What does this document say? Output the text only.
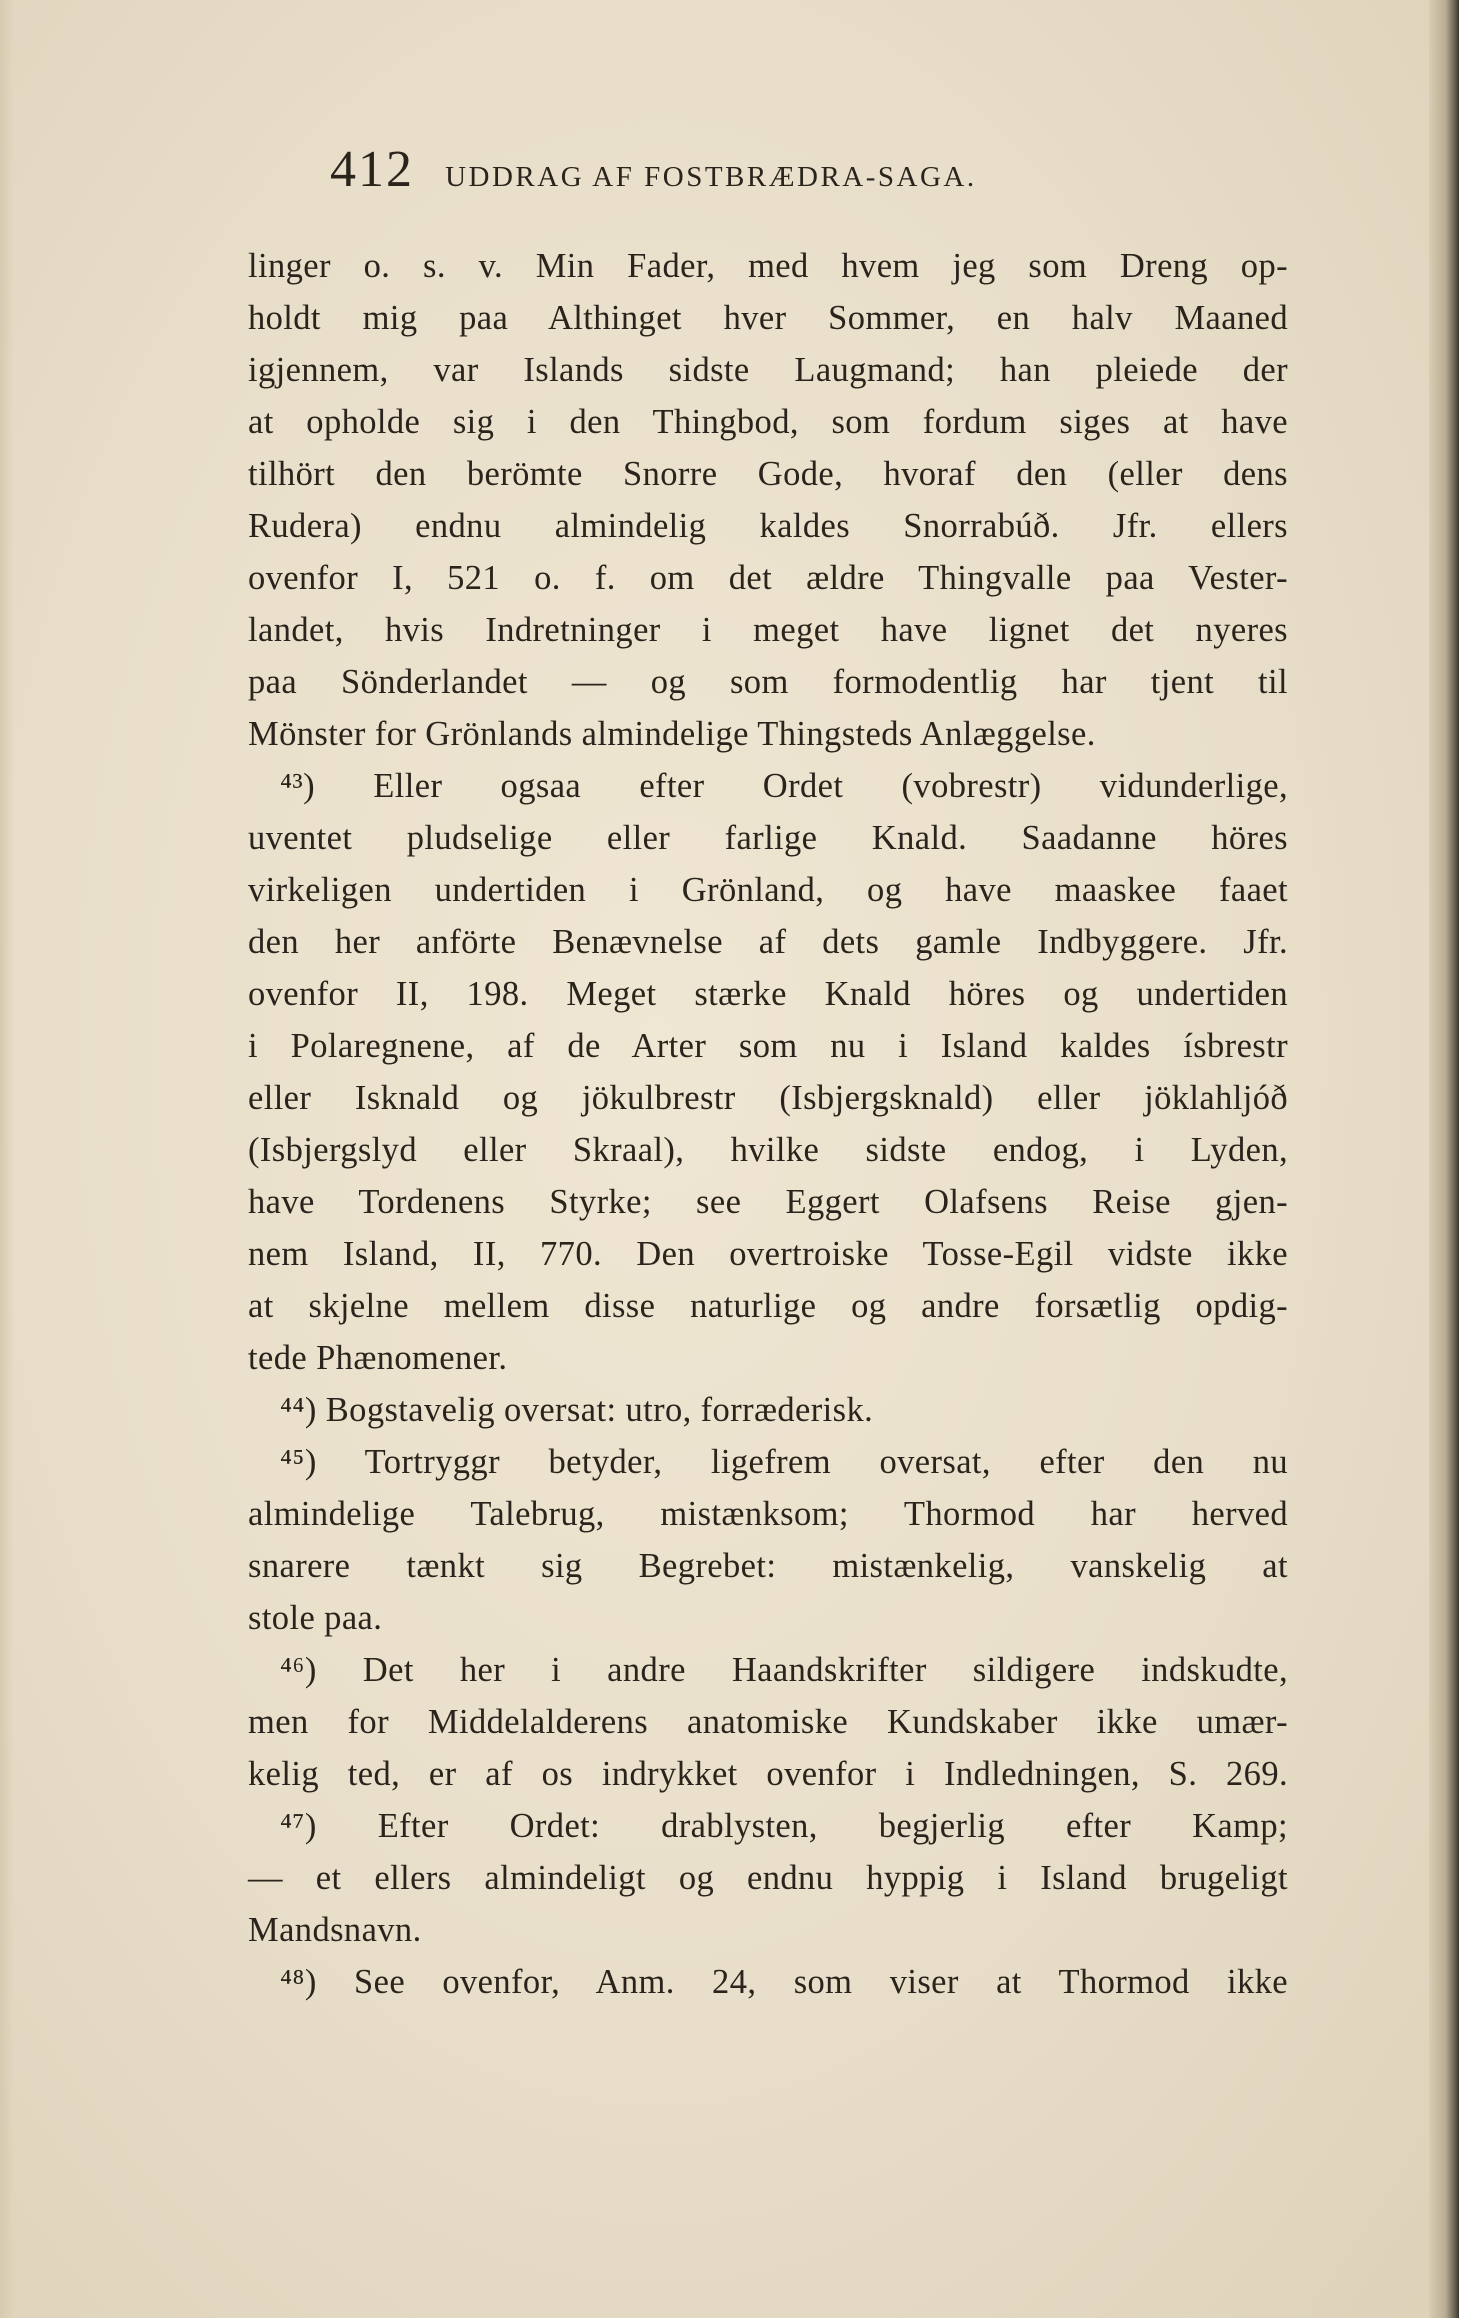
412 UDDRAG AF FOSTBRÆDRA-SAGA.
linger o. s. v. Min Fader, med hvem jeg som Dreng op-
holdt mig paa Althinget hver Sommer, en halv Maaned
igjennem, var Islands sidste Laugmand; han pleiede der
at opholde sig i den Thingbod, som fordum siges at have
tilhört den berömte Snorre Gode, hvoraf den (eller dens
Rudera) endnu almindelig kaldes Snorrabúð. Jfr. ellers
ovenfor I, 521 o. f. om det ældre Thingvalle paa Vester-
landet, hvis Indretninger i meget have lignet det nyeres
paa Sönderlandet — og som formodentlig har tjent til
Mönster for Grönlands almindelige Thingsteds Anlæggelse.
⁴³) Eller ogsaa efter Ordet (vobrestr) vidunderlige,
uventet pludselige eller farlige Knald. Saadanne höres
virkeligen undertiden i Grönland, og have maaskee faaet
den her anförte Benævnelse af dets gamle Indbyggere. Jfr.
ovenfor II, 198. Meget stærke Knald höres og undertiden
i Polaregnene, af de Arter som nu i Island kaldes ísbrestr
eller Isknald og jökulbrestr (Isbjergsknald) eller jöklahljóð
(Isbjergslyd eller Skraal), hvilke sidste endog, i Lyden,
have Tordenens Styrke; see Eggert Olafsens Reise gjen-
nem Island, II, 770. Den overtroiske Tosse-Egil vidste ikke
at skjelne mellem disse naturlige og andre forsætlig opdig-
tede Phænomener.
⁴⁴) Bogstavelig oversat: utro, forræderisk.
⁴⁵) Tortryggr betyder, ligefrem oversat, efter den nu
almindelige Talebrug, mistænksom; Thormod har herved
snarere tænkt sig Begrebet: mistænkelig, vanskelig at
stole paa.
⁴⁶) Det her i andre Haandskrifter sildigere indskudte,
men for Middelalderens anatomiske Kundskaber ikke umær-
kelig ted, er af os indrykket ovenfor i Indledningen, S. 269.
⁴⁷) Efter Ordet: drablysten, begjerlig efter Kamp;
— et ellers almindeligt og endnu hyppig i Island brugeligt
Mandsnavn.
⁴⁸) See ovenfor, Anm. 24, som viser at Thormod ikke
